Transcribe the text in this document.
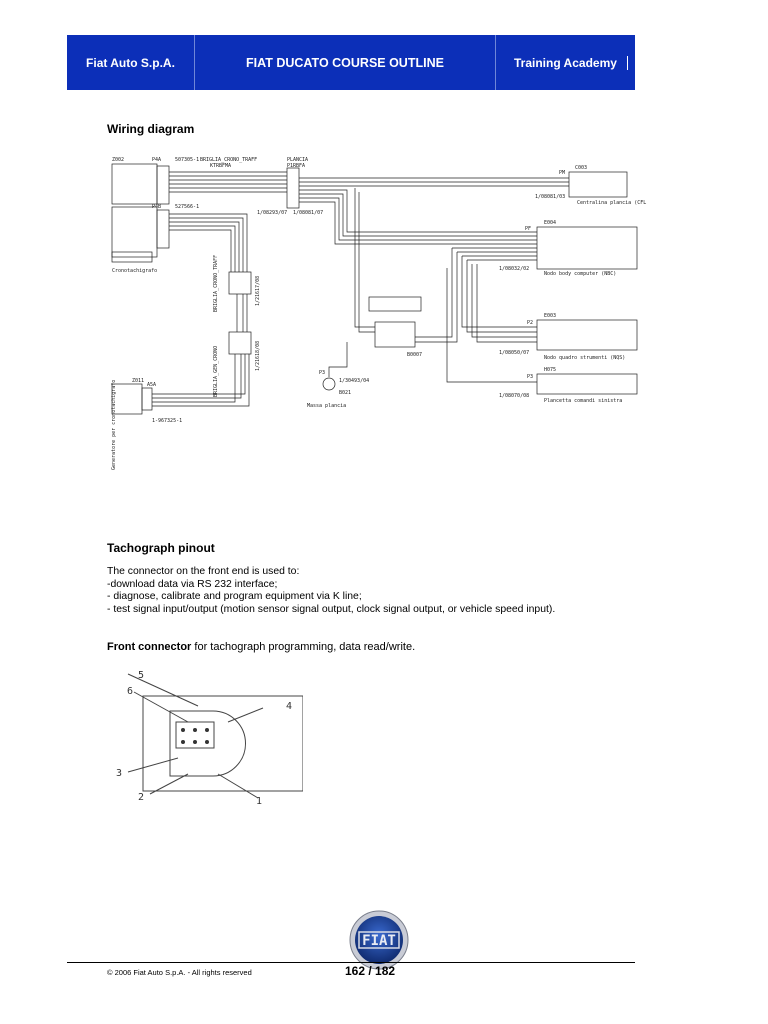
Fiat Auto S.p.A.	FIAT DUCATO COURSE OUTLINE	Training Academy
Wiring diagram
Z002	P4A	507305-1
P4B	527566-1
Cronotachigrafo
BRIGLIA_CRONO_TRAFF
KTRBFMA
PLANCIA
P1RBFA
1/08293/07 1/08081/07
PM
C003
1/08081/03
Centralina plancia (CFL)
PF
E004
1/08032/02
Nodo body computer (NBC)
B0007
P2
E003
1/08050/07
Nodo quadro strumenti (NQS)
P3
H075
1/08070/08
Plancetta comandi sinistra
P3
1/30493/04
B021
Massa plancia
Z011
A5A
1-967325-1
Generatore per cronotachigrafo
BRIGLIA_CRONO_TRAFF
BRIGLIA_GEN_CRONO
1/21617/08
1/21618/08
Tachograph pinout
The connector on the front end is used to:
-download data via RS 232 interface;
- diagnose, calibrate and program equipment via K line;
- test signal input/output (motion sensor signal output, clock signal output, or vehicle speed input).
Front connector for tachograph programming, data read/write.
1
2
3
4
5
6
FIAT
© 2006 Fiat Auto S.p.A. - All rights reserved	162 / 182
